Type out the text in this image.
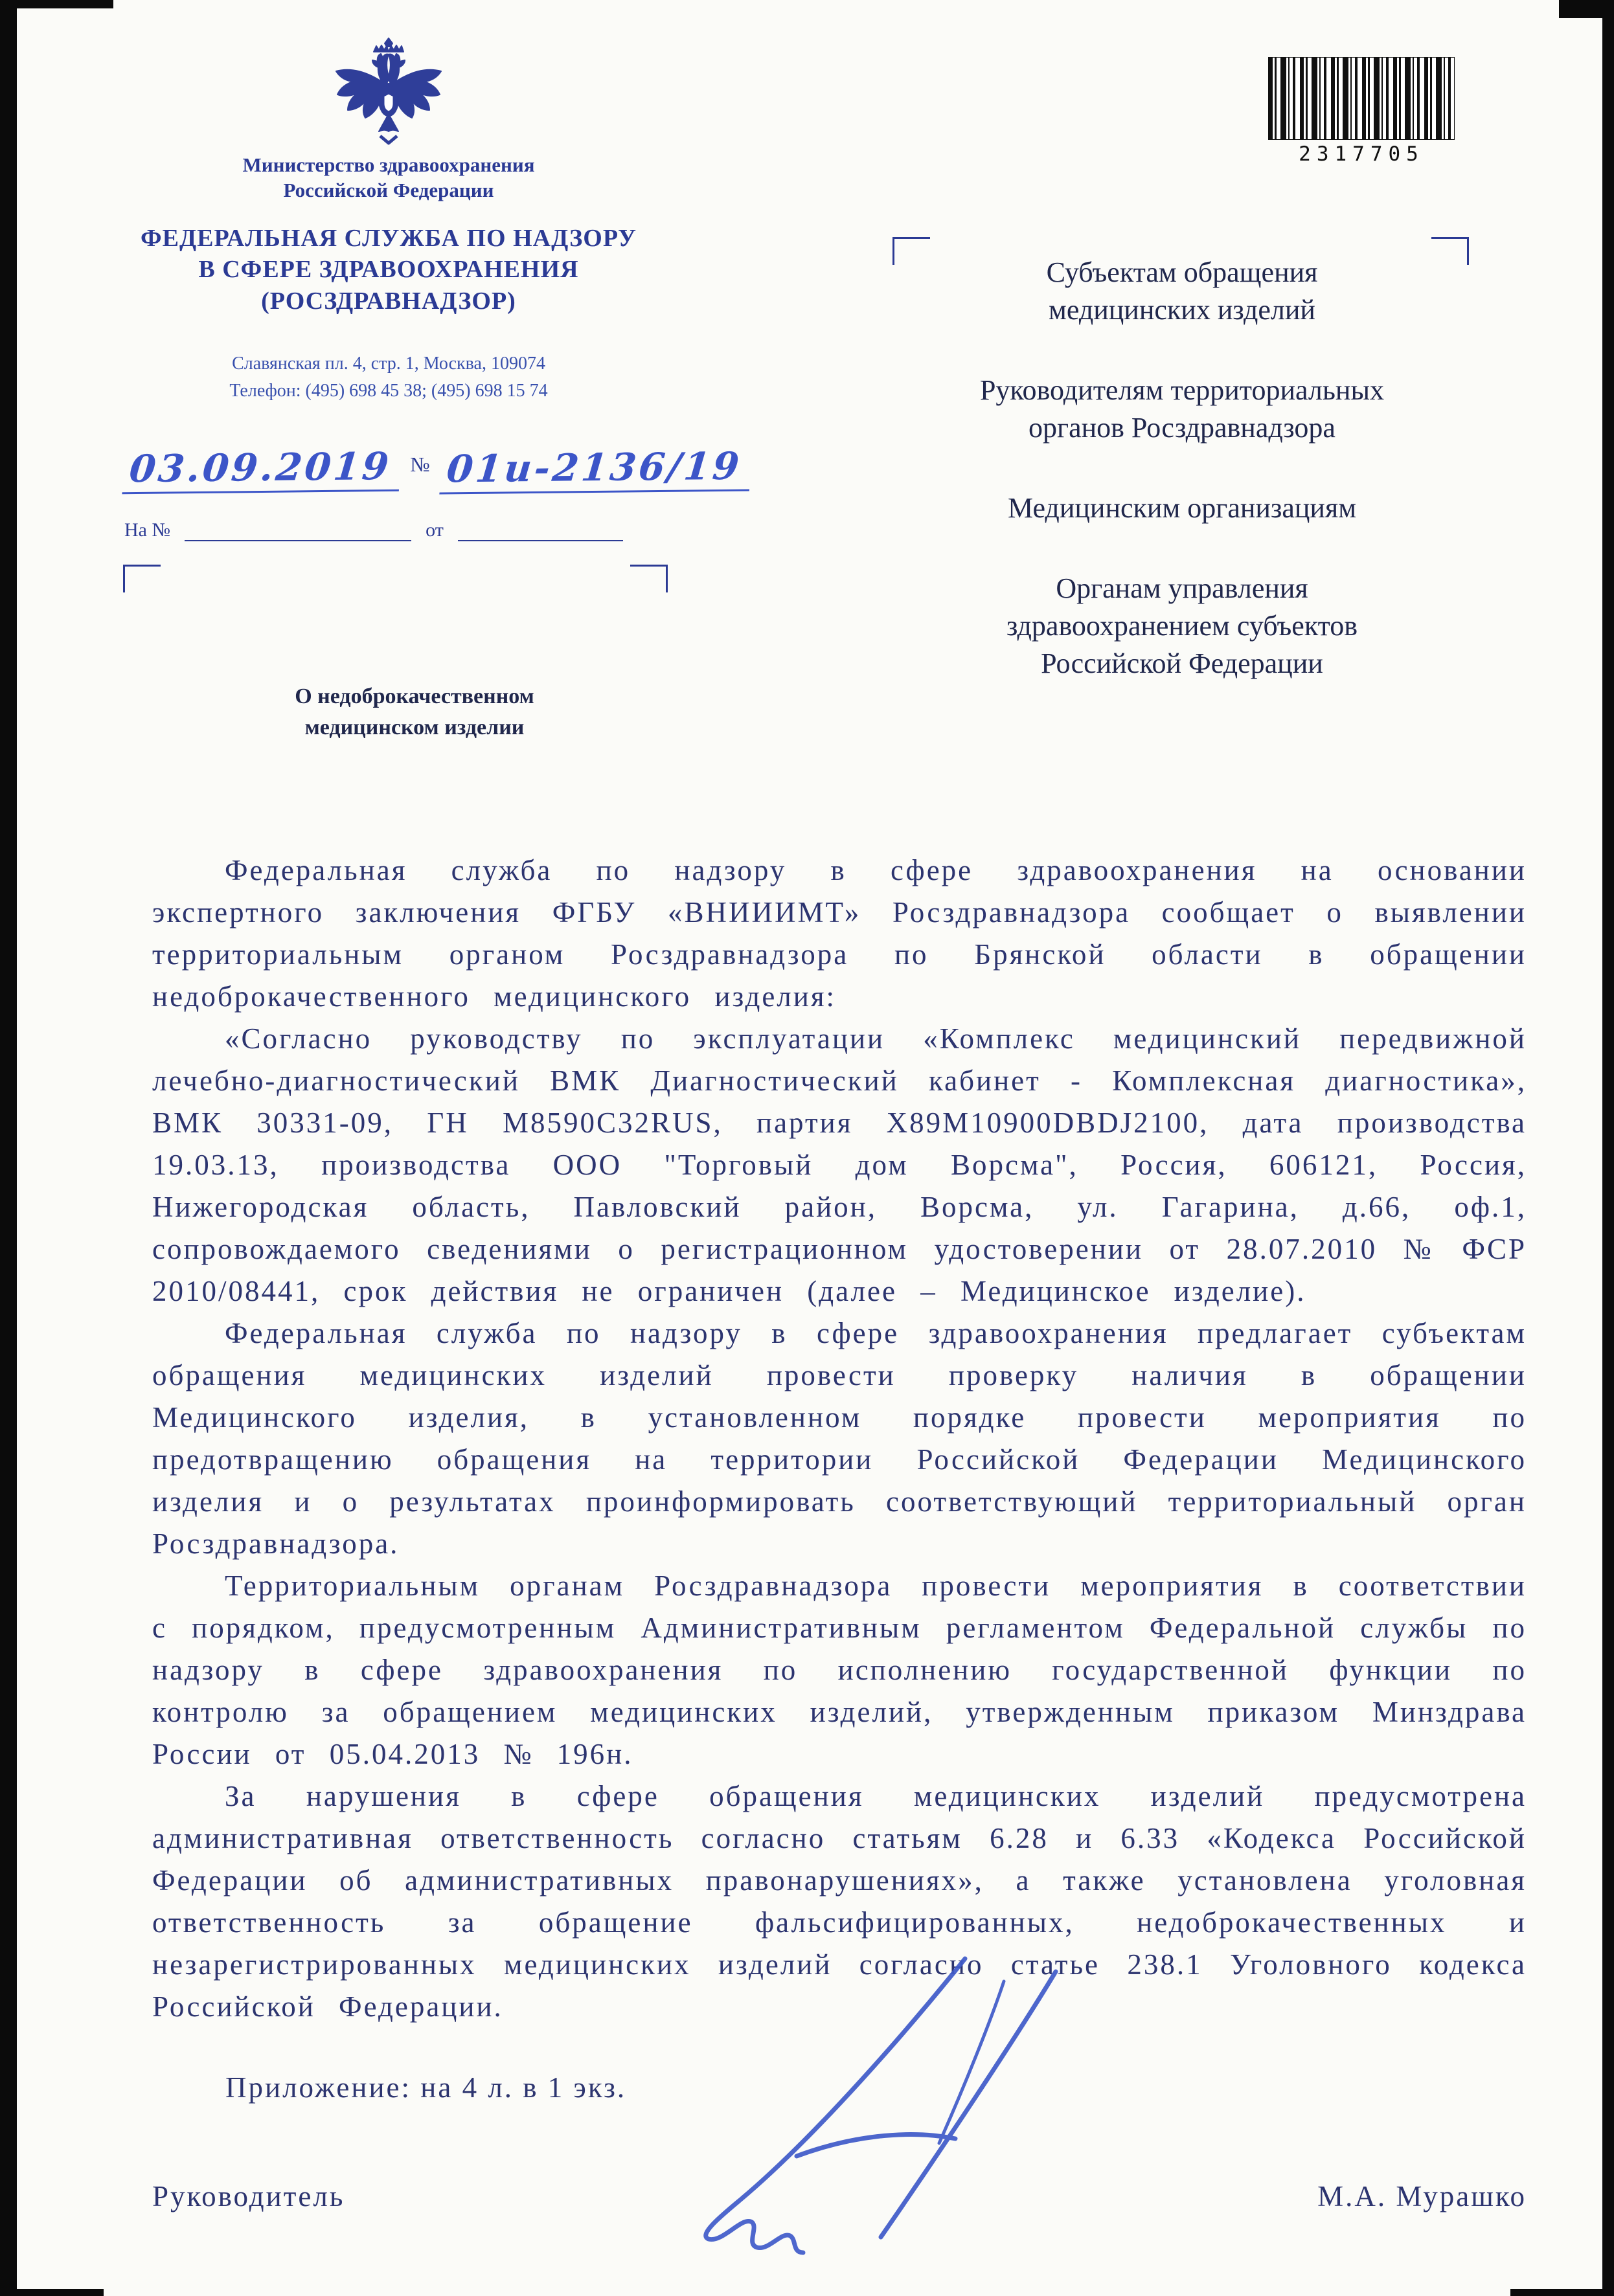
Министерство здравоохранения
Российской Федерации
ФЕДЕРАЛЬНАЯ СЛУЖБА ПО НАДЗОРУ
В СФЕРЕ ЗДРАВООХРАНЕНИЯ
(РОСЗДРАВНАДЗОР)
Славянская пл. 4, стр. 1, Москва, 109074
Телефон: (495) 698 45 38; (495) 698 15 74
03.09.2019 № 01и-2136/19
На №	от
2317705
Субъектам обращения медицинских изделий
Руководителям территориальных органов Росздравнадзора
Медицинским организациям
Органам управления здравоохранением субъектов Российской Федерации
О недоброкачественном медицинском изделии

Федеральная служба по надзору в сфере здравоохранения на основании экспертного заключения ФГБУ «ВНИИИМТ» Росздравнадзора сообщает о выявлении территориальным органом Росздравнадзора по Брянской области в обращении недоброкачественного медицинского изделия:

«Согласно руководству по эксплуатации «Комплекс медицинский передвижной лечебно-диагностический ВМК Диагностический кабинет - Комплексная диагностика», ВМК 30331-09, ГН M8590C32RUS, партия X89M10900DBDJ2100, дата производства 19.03.13, производства ООО "Торговый дом Ворсма", Россия, 606121, Россия, Нижегородская область, Павловский район, Ворсма, ул. Гагарина, д.66, оф.1, сопровождаемого сведениями о регистрационном удостоверении от 28.07.2010 № ФСР 2010/08441, срок действия не ограничен (далее – Медицинское изделие).

Федеральная служба по надзору в сфере здравоохранения предлагает субъектам обращения медицинских изделий провести проверку наличия в обращении Медицинского изделия, в установленном порядке провести мероприятия по предотвращению обращения на территории Российской Федерации Медицинского изделия и о результатах проинформировать соответствующий территориальный орган Росздравнадзора.

Территориальным органам Росздравнадзора провести мероприятия в соответствии с порядком, предусмотренным Административным регламентом Федеральной службы по надзору в сфере здравоохранения по исполнению государственной функции по контролю за обращением медицинских изделий, утвержденным приказом Минздрава России от 05.04.2013 № 196н.

За нарушения в сфере обращения медицинских изделий предусмотрена административная ответственность согласно статьям 6.28 и 6.33 «Кодекса Российской Федерации об административных правонарушениях», а также установлена уголовная ответственность за обращение фальсифицированных, недоброкачественных и незарегистрированных медицинских изделий согласно статье 238.1 Уголовного кодекса Российской Федерации.

Приложение: на 4 л. в 1 экз.
Руководитель	М.А. Мурашко
